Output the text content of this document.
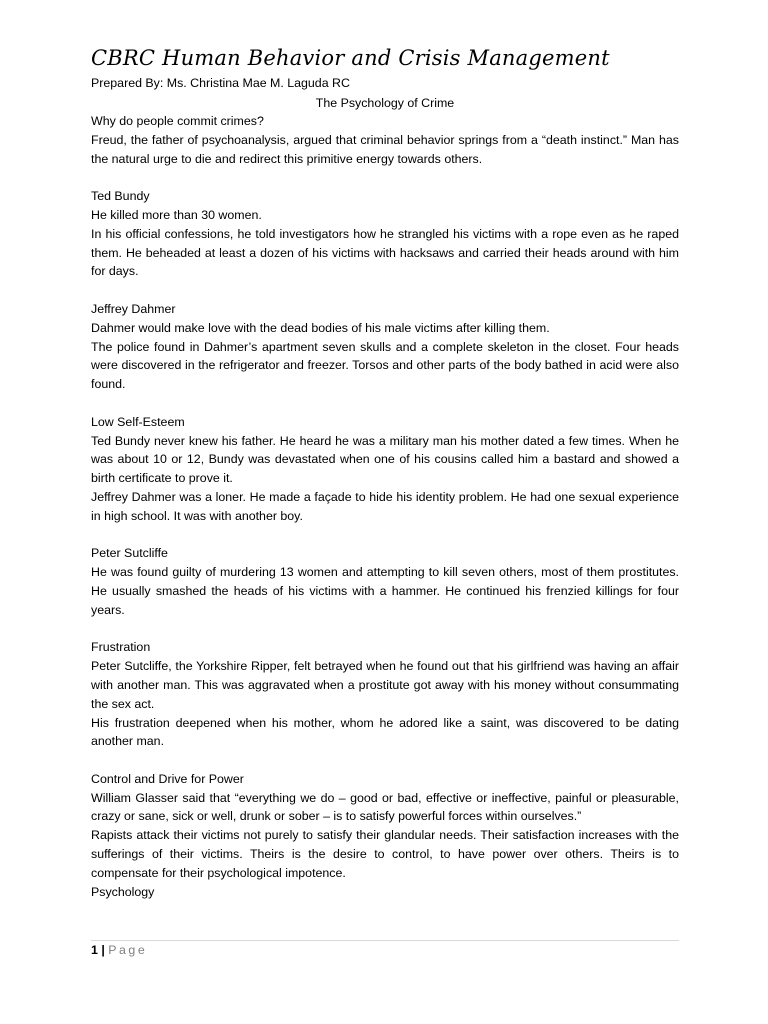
CBRC Human Behavior and Crisis Management

Prepared By: Ms. Christina Mae M. Laguda RC

The Psychology of Crime

Why do people commit crimes?

Freud, the father of psychoanalysis, argued that criminal behavior springs from a “death instinct.” Man has the natural urge to die and redirect this primitive energy towards others.

Ted Bundy

He killed more than 30 women.

In his official confessions, he told investigators how he strangled his victims with a rope even as he raped them. He beheaded at least a dozen of his victims with hacksaws and carried their heads around with him for days.

Jeffrey Dahmer

Dahmer would make love with the dead bodies of his male victims after killing them.

The police found in Dahmer’s apartment seven skulls and a complete skeleton in the closet. Four heads were discovered in the refrigerator and freezer. Torsos and other parts of the body bathed in acid were also found.

Low Self-Esteem

Ted Bundy never knew his father. He heard he was a military man his mother dated a few times. When he was about 10 or 12, Bundy was devastated when one of his cousins called him a bastard and showed a birth certificate to prove it.

Jeffrey Dahmer was a loner. He made a façade to hide his identity problem. He had one sexual experience in high school. It was with another boy.

Peter Sutcliffe

He was found guilty of murdering 13 women and attempting to kill seven others, most of them prostitutes. He usually smashed the heads of his victims with a hammer. He continued his frenzied killings for four years.

Frustration

Peter Sutcliffe, the Yorkshire Ripper, felt betrayed when he found out that his girlfriend was having an affair with another man. This was aggravated when a prostitute got away with his money without consummating the sex act.

His frustration deepened when his mother, whom he adored like a saint, was discovered to be dating another man.

Control and Drive for Power

William Glasser said that “everything we do – good or bad, effective or ineffective, painful or pleasurable, crazy or sane, sick or well, drunk or sober – is to satisfy powerful forces within ourselves.”

Rapists attack their victims not purely to satisfy their glandular needs. Their satisfaction increases with the sufferings of their victims. Theirs is the desire to control, to have power over others. Theirs is to compensate for their psychological impotence.

Psychology

1 | Page
